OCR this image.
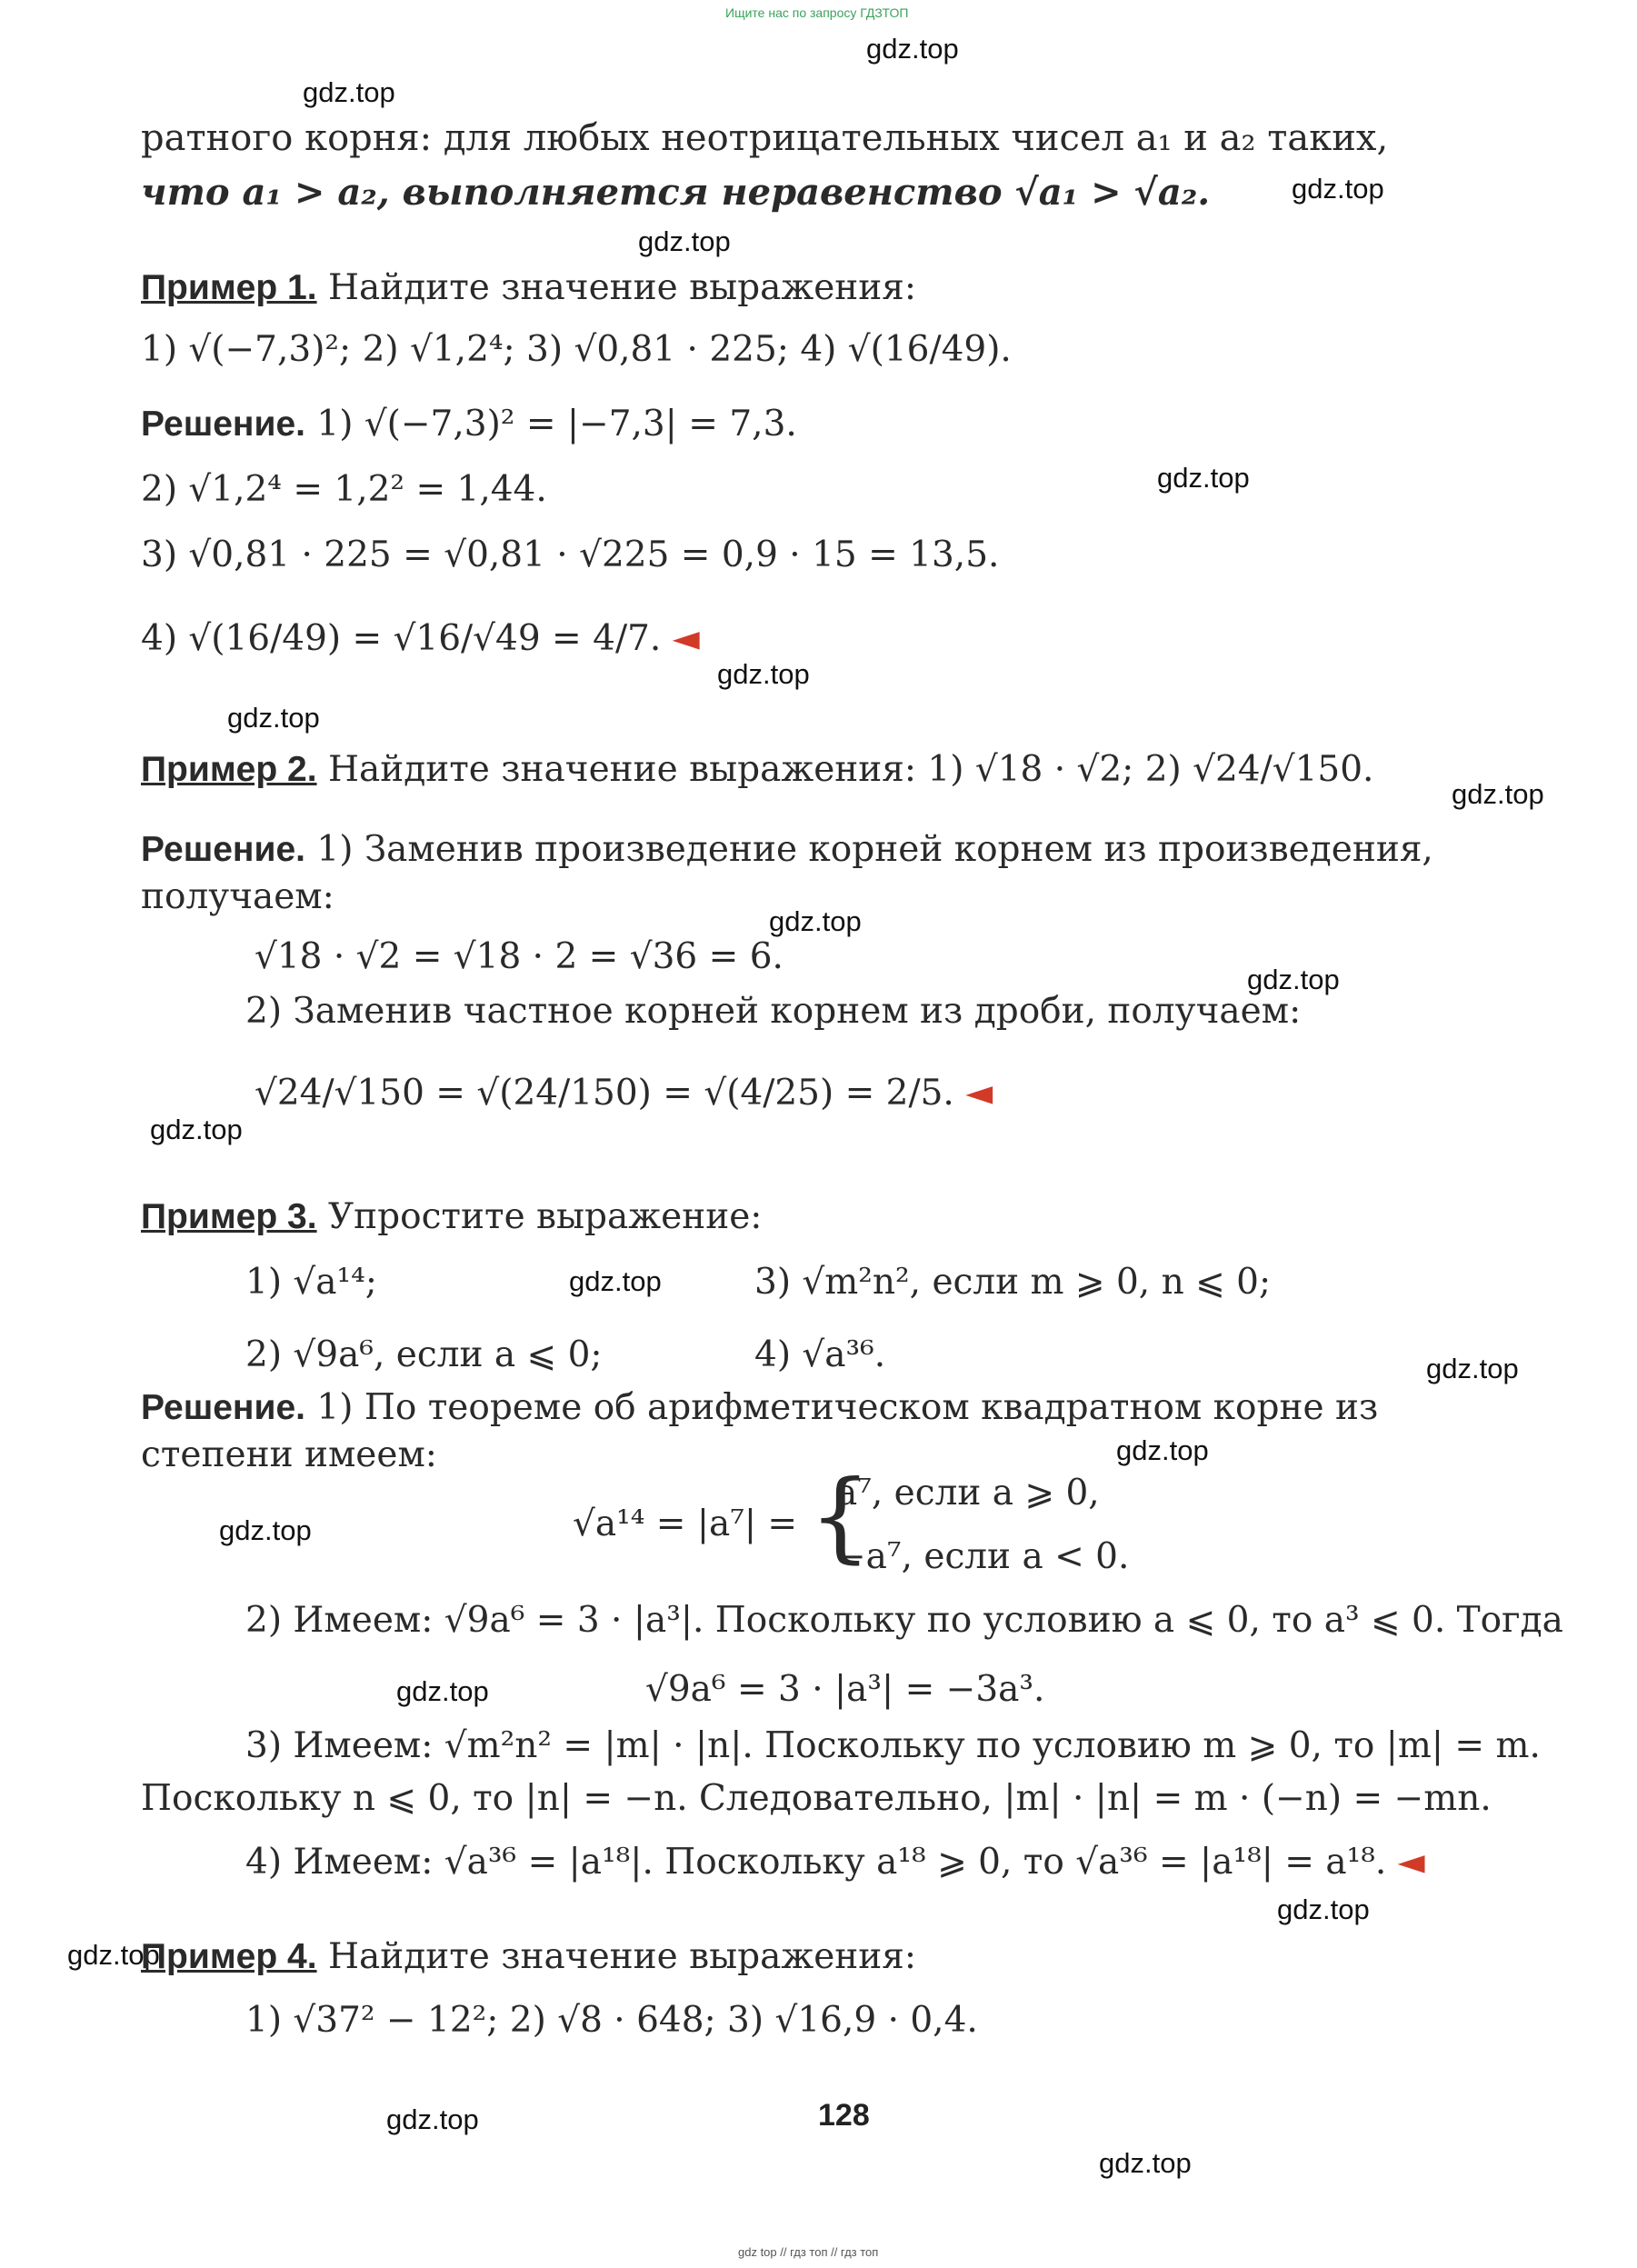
Ищите нас по запросу ГДЗТОП
gdz top // гдз топ // гдз топ
gdz.top
gdz.top
gdz.top
gdz.top
gdz.top
gdz.top
gdz.top
gdz.top
gdz.top
gdz.top
gdz.top
gdz.top
gdz.top
gdz.top
gdz.top
gdz.top
gdz.top
gdz.top
gdz.top
gdz.top
ратного корня: для любых неотрицательных чисел a₁ и a₂ таких,
что a₁ > a₂, выполняется неравенство √a₁ > √a₂.
Пример 1. Найдите значение выражения:
1) √(−7,3)²; 2) √1,2⁴; 3) √0,81 · 225; 4) √(16/49).
Решение. 1) √(−7,3)² = |−7,3| = 7,3.
2) √1,2⁴ = 1,2² = 1,44.
3) √0,81 · 225 = √0,81 · √225 = 0,9 · 15 = 13,5.
4) √(16/49) = √16/√49 = 4/7. ◄
Пример 2. Найдите значение выражения: 1) √18 · √2; 2) √24/√150.
Решение. 1) Заменив произведение корней корнем из произведения,
получаем:
√18 · √2 = √18 · 2 = √36 = 6.
2) Заменив частное корней корнем из дроби, получаем:
√24/√150 = √(24/150) = √(4/25) = 2/5. ◄
Пример 3. Упростите выражение:
1) √a¹⁴;	3) √m²n², если m ⩾ 0, n ⩽ 0;
2) √9a⁶, если a ⩽ 0;	4) √a³⁶.
Решение. 1) По теореме об арифметическом квадратном корне из
степени имеем:
√a¹⁴ = |a⁷| = {
a⁷, если a ⩾ 0,
−a⁷, если a < 0.
2) Имеем: √9a⁶ = 3 · |a³|. Поскольку по условию a ⩽ 0, то a³ ⩽ 0. Тогда
√9a⁶ = 3 · |a³| = −3a³.
3) Имеем: √m²n² = |m| · |n|. Поскольку по условию m ⩾ 0, то |m| = m.
Поскольку n ⩽ 0, то |n| = −n. Следовательно, |m| · |n| = m · (−n) = −mn.
4) Имеем: √a³⁶ = |a¹⁸|. Поскольку a¹⁸ ⩾ 0, то √a³⁶ = |a¹⁸| = a¹⁸. ◄
Пример 4. Найдите значение выражения:
1) √37² − 12²; 2) √8 · 648; 3) √16,9 · 0,4.
128
